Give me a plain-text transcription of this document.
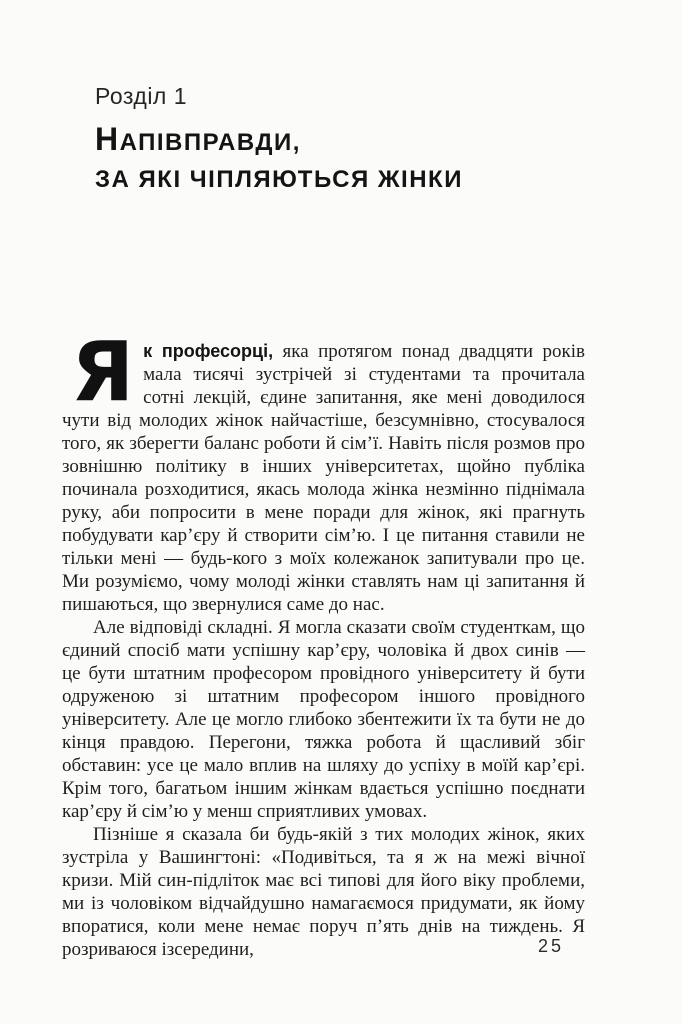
Розділ 1
НАПІВПРАВДИ,
ЗА ЯКІ ЧІПЛЯЮТЬСЯ ЖІНКИ

Як професорці, яка протягом понад двадцяти років мала тисячі зустрічей зі студентами та прочитала сотні лекцій, єдине запитання, яке мені доводилося чути від молодих жінок найчастіше, безсумнівно, стосувалося того, як зберегти баланс роботи й сім’ї. Навіть після розмов про зовнішню політику в інших університетах, щойно публіка починала розходитися, якась молода жінка незмінно піднімала руку, аби попросити в мене поради для жінок, які прагнуть побудувати кар’єру й створити сім’ю. І це питання ставили не тільки мені — будь-кого з моїх колежанок запитували про це. Ми розуміємо, чому молоді жінки ставлять нам ці запитання й пишаються, що звернулися саме до нас.

Але відповіді складні. Я могла сказати своїм студенткам, що єдиний спосіб мати успішну кар’єру, чоловіка й двох синів — це бути штатним професором провідного університету й бути одруженою зі штатним професором іншого провідного університету. Але це могло глибоко збентежити їх та бути не до кінця правдою. Перегони, тяжка робота й щасливий збіг обставин: усе це мало вплив на шляху до успіху в моїй кар’єрі. Крім того, багатьом іншим жінкам вдається успішно поєднати кар’єру й сім’ю у менш сприятливих умовах.

Пізніше я сказала би будь-якій з тих молодих жінок, яких зустріла у Вашингтоні: «Подивіться, та я ж на межі вічної кризи. Мій син-підліток має всі типові для його віку проблеми, ми із чоловіком відчайдушно намагаємося придумати, як йому впоратися, коли мене немає поруч п’ять днів на тиждень. Я розриваюся ізсередини,	25
